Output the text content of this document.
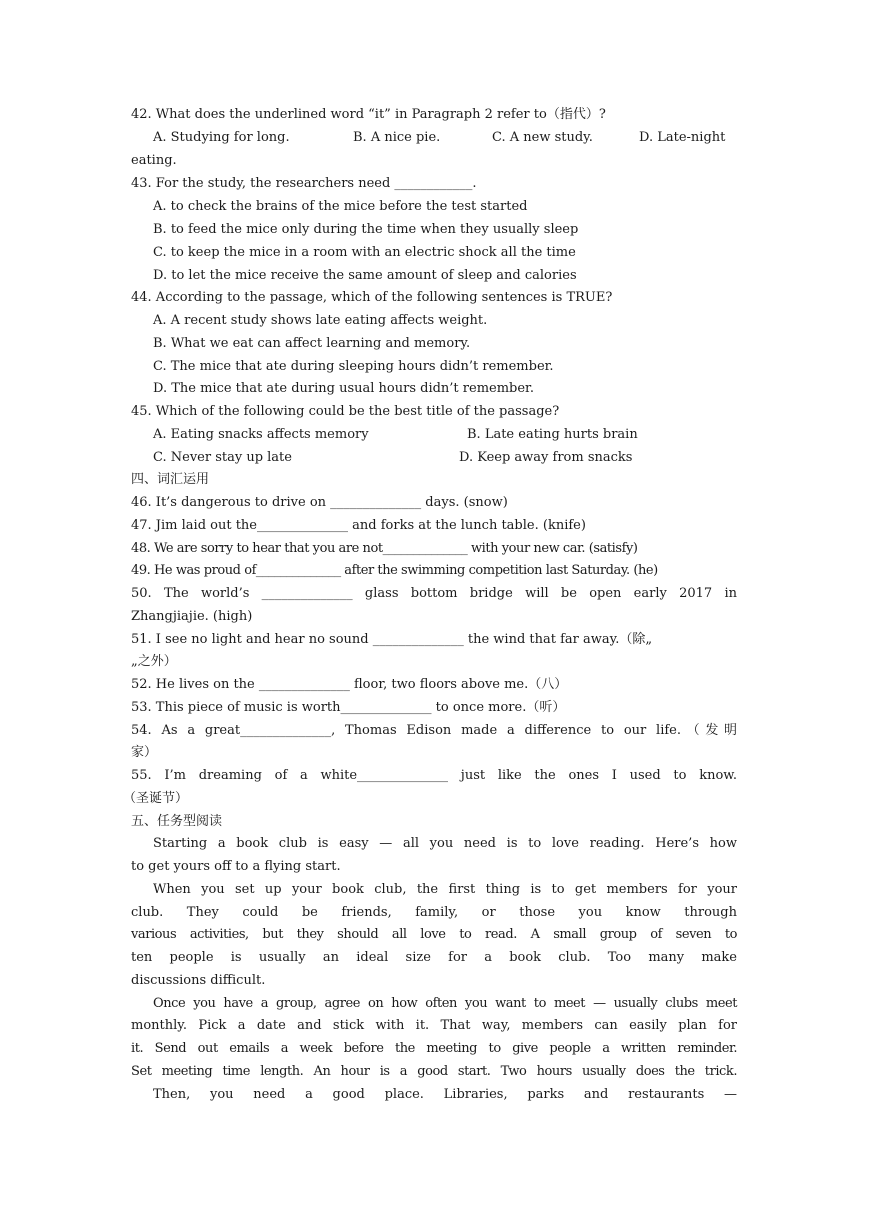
42. What does the underlined word “it” in Paragraph 2 refer to（指代）?
A. Studying for long.	B. A nice pie.	C. A new study.	D. Late-night
eating.
43. For the study, the researchers need ____________.
A. to check the brains of the mice before the test started
B. to feed the mice only during the time when they usually sleep
C. to keep the mice in a room with an electric shock all the time
D. to let the mice receive the same amount of sleep and calories
44. According to the passage, which of the following sentences is TRUE?
A. A recent study shows late eating affects weight.
B. What we eat can affect learning and memory.
C. The mice that ate during sleeping hours didn’t remember.
D. The mice that ate during usual hours didn’t remember.
45. Which of the following could be the best title of the passage?
A. Eating snacks affects memory	B. Late eating hurts brain
C. Never stay up late	D. Keep away from snacks
四、词汇运用
46. It’s dangerous to drive on ______________ days. (snow)
47. Jim laid out the______________ and forks at the lunch table. (knife)
48. We are sorry to hear that you are not______________ with your new car. (satisfy)
49. He was proud of______________ after the swimming competition last Saturday. (he)
50. The world’s ______________ glass bottom bridge will be open early 2017 in
Zhangjiajie. (high)
51. I see no light and hear no sound ______________ the wind that far away.（除„
„之外）
52. He lives on the ______________ floor, two floors above me.（八）
53. This piece of music is worth______________ to once more.（听）
54. As a great______________, Thomas Edison made a difference to our life.（发明
家）
55. I’m dreaming of a white______________ just like the ones I used to know.
（圣诞节）
五、任务型阅读
Starting a book club is easy — all you need is to love reading. Here’s how
to get yours off to a flying start.
When you set up your book club, the first thing is to get members for your
club. They could be friends, family, or those you know through
various activities, but they should all love to read. A small group of seven to
ten people is usually an ideal size for a book club. Too many make
discussions difficult.
Once you have a group, agree on how often you want to meet — usually clubs meet
monthly. Pick a date and stick with it. That way, members can easily plan for
it. Send out emails a week before the meeting to give people a written reminder.
Set meeting time length. An hour is a good start. Two hours usually does the trick.
Then, you need a good place. Libraries, parks and restaurants —
